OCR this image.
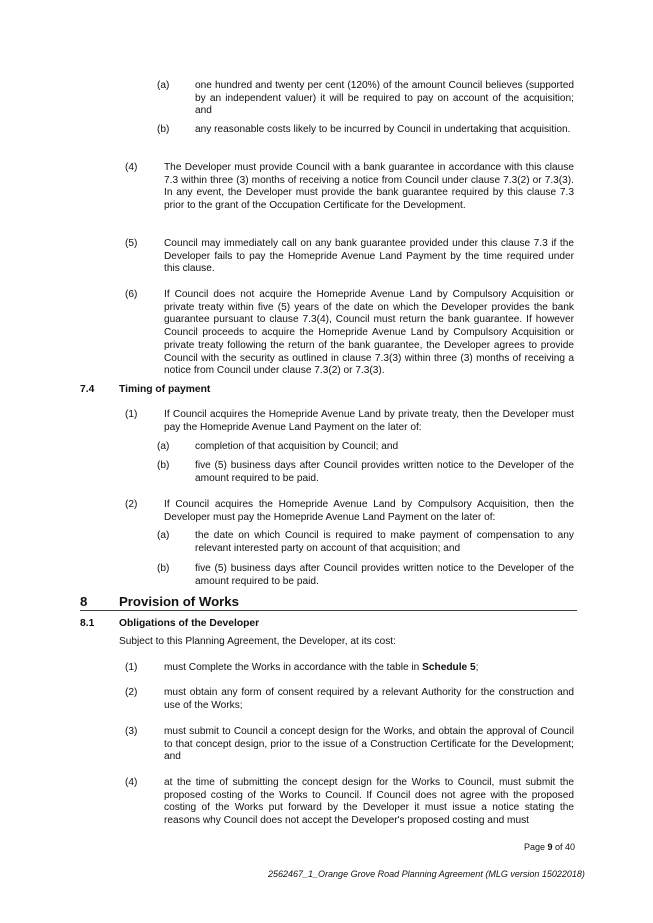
(a)	one hundred and twenty per cent (120%) of the amount Council believes (supported by an independent valuer) it will be required to pay on account of the acquisition; and
(b)	any reasonable costs likely to be incurred by Council in undertaking that acquisition.
(4)	The Developer must provide Council with a bank guarantee in accordance with this clause 7.3 within three (3) months of receiving a notice from Council under clause 7.3(2) or 7.3(3). In any event, the Developer must provide the bank guarantee required by this clause 7.3 prior to the grant of the Occupation Certificate for the Development.
(5)	Council may immediately call on any bank guarantee provided under this clause 7.3 if the Developer fails to pay the Homepride Avenue Land Payment by the time required under this clause.
(6)	If Council does not acquire the Homepride Avenue Land by Compulsory Acquisition or private treaty within five (5) years of the date on which the Developer provides the bank guarantee pursuant to clause 7.3(4), Council must return the bank guarantee. If however Council proceeds to acquire the Homepride Avenue Land by Compulsory Acquisition or private treaty following the return of the bank guarantee, the Developer agrees to provide Council with the security as outlined in clause 7.3(3) within three (3) months of receiving a notice from Council under clause 7.3(2) or 7.3(3).
7.4 Timing of payment
(1)	If Council acquires the Homepride Avenue Land by private treaty, then the Developer must pay the Homepride Avenue Land Payment on the later of:
(a)	completion of that acquisition by Council; and
(b)	five (5) business days after Council provides written notice to the Developer of the amount required to be paid.
(2)	If Council acquires the Homepride Avenue Land by Compulsory Acquisition, then the Developer must pay the Homepride Avenue Land Payment on the later of:
(a)	the date on which Council is required to make payment of compensation to any relevant interested party on account of that acquisition; and
(b)	five (5) business days after Council provides written notice to the Developer of the amount required to be paid.
8 Provision of Works
8.1 Obligations of the Developer
Subject to this Planning Agreement, the Developer, at its cost:
(1)	must Complete the Works in accordance with the table in Schedule 5;
(2)	must obtain any form of consent required by a relevant Authority for the construction and use of the Works;
(3)	must submit to Council a concept design for the Works, and obtain the approval of Council to that concept design, prior to the issue of a Construction Certificate for the Development; and
(4)	at the time of submitting the concept design for the Works to Council, must submit the proposed costing of the Works to Council. If Council does not agree with the proposed costing of the Works put forward by the Developer it must issue a notice stating the reasons why Council does not accept the Developer's proposed costing and must
Page 9 of 40
2562467_1_Orange Grove Road Planning Agreement (MLG version 15022018)
